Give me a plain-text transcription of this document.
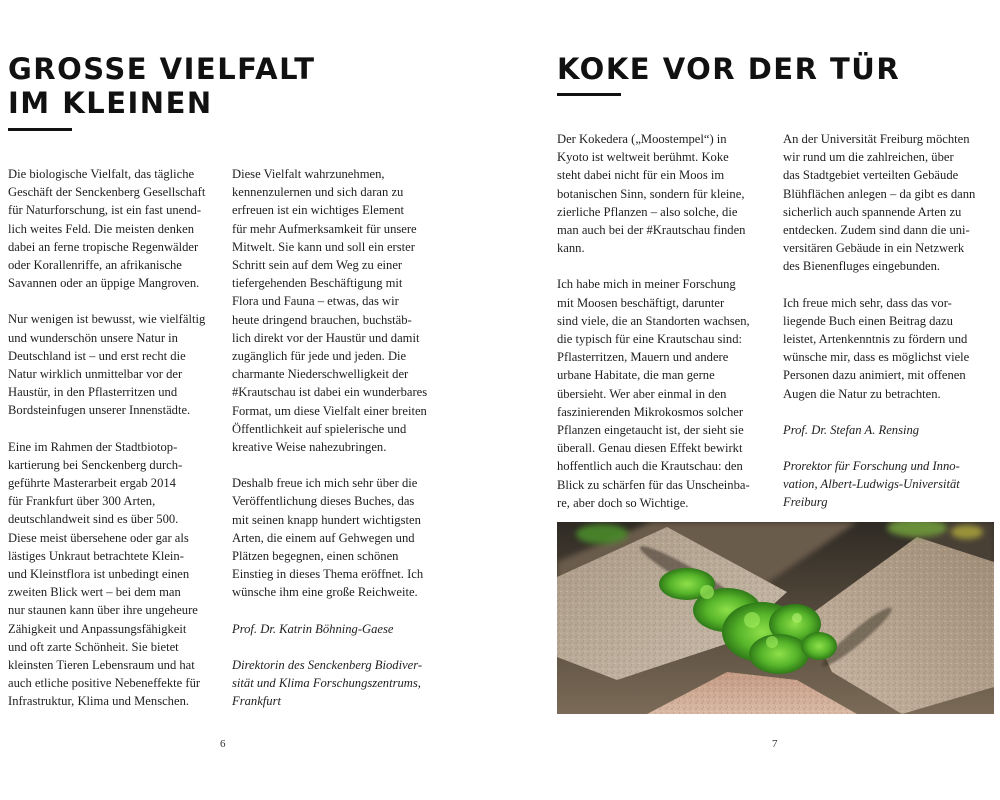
GROSSE VIELFALT
IM KLEINEN

Die biologische Vielfalt, das tägliche
Geschäft der Senckenberg Gesellschaft
für Naturforschung, ist ein fast unend-
lich weites Feld. Die meisten denken
dabei an ferne tropische Regenwälder
oder Korallenriffe, an afrikanische
Savannen oder an üppige Mangroven.

Nur wenigen ist bewusst, wie vielfältig
und wunderschön unsere Natur in
Deutschland ist – und erst recht die
Natur wirklich unmittelbar vor der
Haustür, in den Pflasterritzen und
Bordsteinfugen unserer Innenstädte.

Eine im Rahmen der Stadtbiotop-
kartierung bei Senckenberg durch-
geführte Masterarbeit ergab 2014
für Frankfurt über 300 Arten,
deutschlandweit sind es über 500.
Diese meist übersehene oder gar als
lästiges Unkraut betrachtete Klein-
und Kleinstflora ist unbedingt einen
zweiten Blick wert – bei dem man
nur staunen kann über ihre ungeheure
Zähigkeit und Anpassungsfähigkeit
und oft zarte Schönheit. Sie bietet
kleinsten Tieren Lebensraum und hat
auch etliche positive Nebeneffekte für
Infrastruktur, Klima und Menschen.

Diese Vielfalt wahrzunehmen,
kennenzulernen und sich daran zu
erfreuen ist ein wichtiges Element
für mehr Aufmerksamkeit für unsere
Mitwelt. Sie kann und soll ein erster
Schritt sein auf dem Weg zu einer
tiefergehenden Beschäftigung mit
Flora und Fauna – etwas, das wir
heute dringend brauchen, buchstäb-
lich direkt vor der Haustür und damit
zugänglich für jede und jeden. Die
charmante Niederschwelligkeit der
#Krautschau ist dabei ein wunderbares
Format, um diese Vielfalt einer breiten
Öffentlichkeit auf spielerische und
kreative Weise nahezubringen.

Deshalb freue ich mich sehr über die
Veröffentlichung dieses Buches, das
mit seinen knapp hundert wichtigsten
Arten, die einem auf Gehwegen und
Plätzen begegnen, einen schönen
Einstieg in dieses Thema eröffnet. Ich
wünsche ihm eine große Reichweite.

Prof. Dr. Katrin Böhning-Gaese

Direktorin des Senckenberg Biodiver-
sität und Klima Forschungszentrums,
Frankfurt

6
KOKE VOR DER TÜR

Der Kokedera („Moostempel“) in
Kyoto ist weltweit berühmt. Koke
steht dabei nicht für ein Moos im
botanischen Sinn, sondern für kleine,
zierliche Pflanzen – also solche, die
man auch bei der #Krautschau finden
kann.

Ich habe mich in meiner Forschung
mit Moosen beschäftigt, darunter
sind viele, die an Standorten wachsen,
die typisch für eine Krautschau sind:
Pflasterritzen, Mauern und andere
urbane Habitate, die man gerne
übersieht. Wer aber einmal in den
faszinierenden Mikrokosmos solcher
Pflanzen eingetaucht ist, der sieht sie
überall. Genau diesen Effekt bewirkt
hoffentlich auch die Krautschau: den
Blick zu schärfen für das Unscheinba-
re, aber doch so Wichtige.

An der Universität Freiburg möchten
wir rund um die zahlreichen, über
das Stadtgebiet verteilten Gebäude
Blühflächen anlegen – da gibt es dann
sicherlich auch spannende Arten zu
entdecken. Zudem sind dann die uni-
versitären Gebäude in ein Netzwerk
des Bienenfluges eingebunden.

Ich freue mich sehr, dass das vor-
liegende Buch einen Beitrag dazu
leistet, Artenkenntnis zu fördern und
wünsche mir, dass es möglichst viele
Personen dazu animiert, mit offenen
Augen die Natur zu betrachten.

Prof. Dr. Stefan A. Rensing

Prorektor für Forschung und Inno-
vation, Albert-Ludwigs-Universität
Freiburg

7
